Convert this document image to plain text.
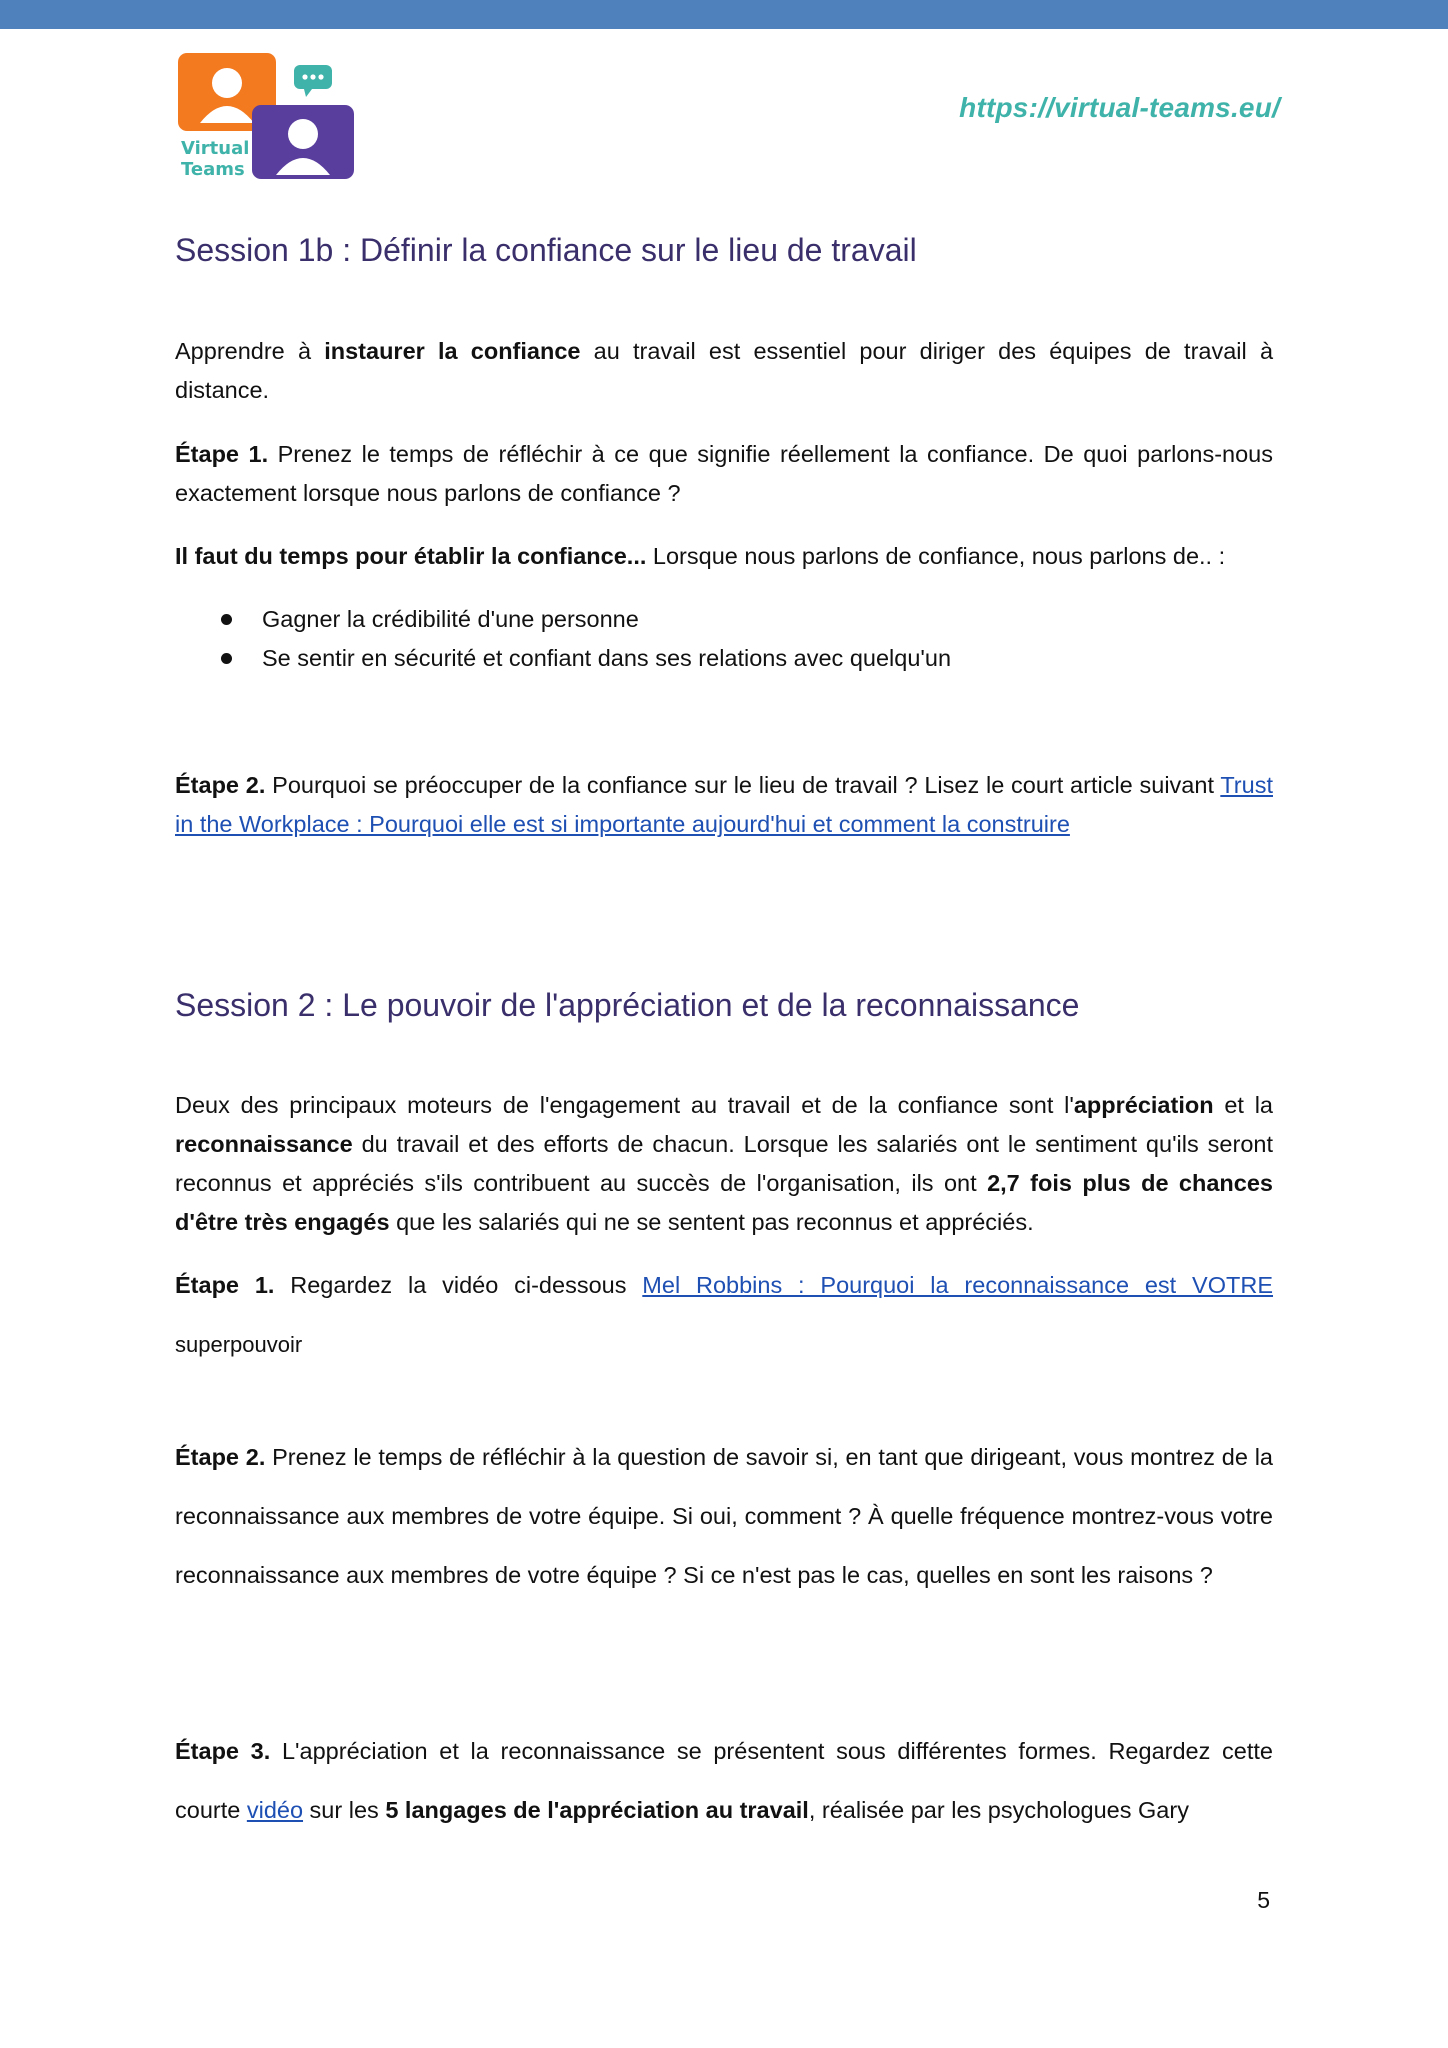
Virtual
Teams
https://virtual-teams.eu/
Session 1b : Définir la confiance sur le lieu de travail

Apprendre à instaurer la confiance au travail est essentiel pour diriger des équipes de travail à distance.

Étape 1. Prenez le temps de réfléchir à ce que signifie réellement la confiance. De quoi parlons-nous exactement lorsque nous parlons de confiance ?

Il faut du temps pour établir la confiance... Lorsque nous parlons de confiance, nous parlons de.. :

Gagner la crédibilité d'une personne
Se sentir en sécurité et confiant dans ses relations avec quelqu'un

Étape 2. Pourquoi se préoccuper de la confiance sur le lieu de travail ? Lisez le court article suivant Trust in the Workplace : Pourquoi elle est si importante aujourd'hui et comment la construire

Session 2 : Le pouvoir de l'appréciation et de la reconnaissance

Deux des principaux moteurs de l'engagement au travail et de la confiance sont l'appréciation et la reconnaissance du travail et des efforts de chacun. Lorsque les salariés ont le sentiment qu'ils seront reconnus et appréciés s'ils contribuent au succès de l'organisation, ils ont 2,7 fois plus de chances d'être très engagés que les salariés qui ne se sentent pas reconnus et appréciés.

Étape 1. Regardez la vidéo ci-dessous Mel Robbins : Pourquoi la reconnaissance est VOTRE

superpouvoir

Étape 2. Prenez le temps de réfléchir à la question de savoir si, en tant que dirigeant, vous montrez de la reconnaissance aux membres de votre équipe. Si oui, comment ? À quelle fréquence montrez-vous votre reconnaissance aux membres de votre équipe ? Si ce n'est pas le cas, quelles en sont les raisons ?

Étape 3. L'appréciation et la reconnaissance se présentent sous différentes formes. Regardez cette courte vidéo sur les 5 langages de l'appréciation au travail, réalisée par les psychologues Gary

5
